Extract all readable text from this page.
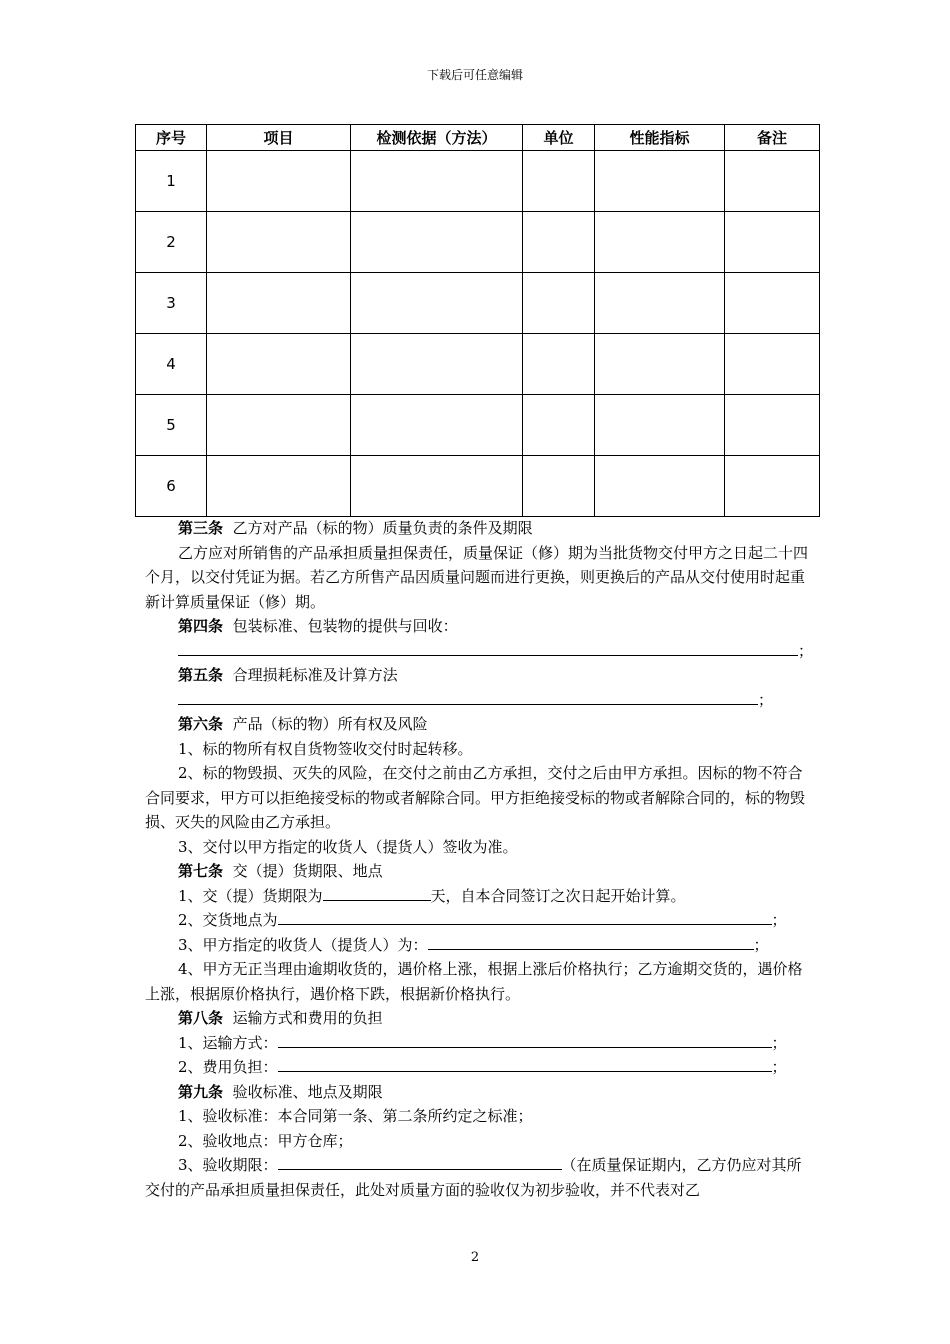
下载后可任意编辑
序号	项目	检测依据（方法）	单位	性能指标	备注
1					
2					
3					
4					
5					
6					

第三条 乙方对产品（标的物）质量负责的条件及期限

乙方应对所销售的产品承担质量担保责任，质量保证（修）期为当批货物交付甲方之日起二十四个月，以交付凭证为据。若乙方所售产品因质量问题而进行更换，则更换后的产品从交付使用时起重新计算质量保证（修）期。

第四条 包装标准、包装物的提供与回收：

；

第五条 合理损耗标准及计算方法

；

第六条 产品（标的物）所有权及风险

1、标的物所有权自货物签收交付时起转移。

2、标的物毁损、灭失的风险，在交付之前由乙方承担，交付之后由甲方承担。因标的物不符合合同要求，甲方可以拒绝接受标的物或者解除合同。甲方拒绝接受标的物或者解除合同的，标的物毁损、灭失的风险由乙方承担。

3、交付以甲方指定的收货人（提货人）签收为准。

第七条 交（提）货期限、地点

1、交（提）货期限为	天，自本合同签订之次日起开始计算。

2、交货地点为	；

3、甲方指定的收货人（提货人）为：	；

4、甲方无正当理由逾期收货的，遇价格上涨，根据上涨后价格执行；乙方逾期交货的，遇价格上涨，根据原价格执行，遇价格下跌，根据新价格执行。

第八条 运输方式和费用的负担

1、运输方式：	；

2、费用负担：	；

第九条 验收标准、地点及期限

1、验收标准：本合同第一条、第二条所约定之标准；

2、验收地点：甲方仓库；

3、验收期限：	（在质量保证期内，乙方仍应对其所交付的产品承担质量担保责任，此处对质量方面的验收仅为初步验收，并不代表对乙

2
